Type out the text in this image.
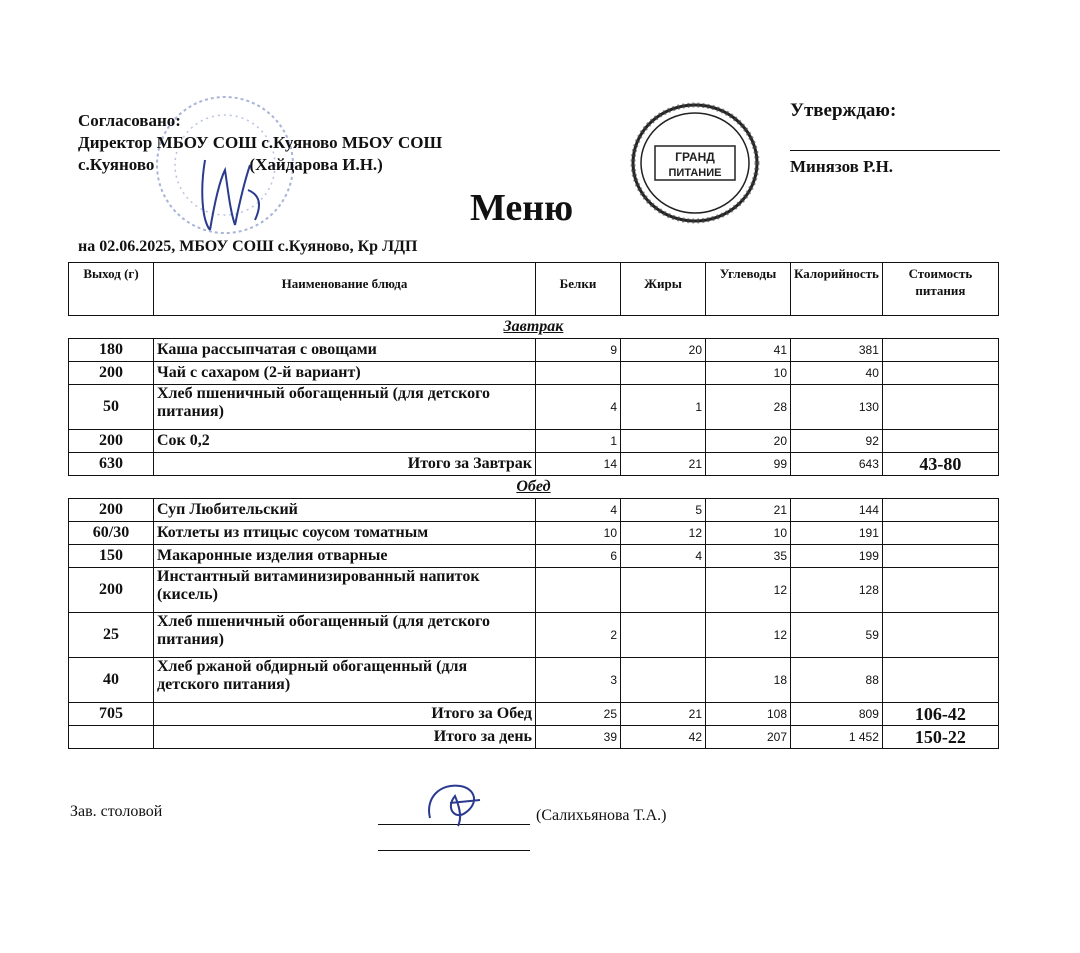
Согласовано:
Директор МБОУ СОШ с.Куяново МБОУ СОШ
с.Куяново	(Хайдарова И.Н.)	ГРАНД
ПИТАНИЕ
Утверждаю:
Минязов Р.Н.
Меню
на 02.06.2025, МБОУ СОШ с.Куяново, Кр ЛДП
Выход (г)	Наименование блюда	Белки	Жиры	Углеводы	Калорийность	Стоимость питания
Завтрак						
180	Каша рассыпчатая с овощами	9	20	41	381	
200	Чай с сахаром (2-й вариант)			10	40	
50	Хлеб пшеничный обогащенный (для детского питания)	4	1	28	130	
200	Сок 0,2	1		20	92	
630	Итого за Завтрак	14	21	99	643	43-80
Обед						
200	Суп Любительский	4	5	21	144	
60/30	Котлеты из птицыс соусом томатным	10	12	10	191	
150	Макаронные изделия отварные	6	4	35	199	
200	Инстантный витаминизированный напиток (кисель)			12	128	
25	Хлеб пшеничный обогащенный (для детского питания)	2		12	59	
40	Хлеб ржаной обдирный обогащенный (для детского питания)	3		18	88	
705	Итого за Обед	25	21	108	809	106-42
	Итого за день	39	42	207	1 452	150-22
Зав. столовой	(Салихьянова Т.А.)
